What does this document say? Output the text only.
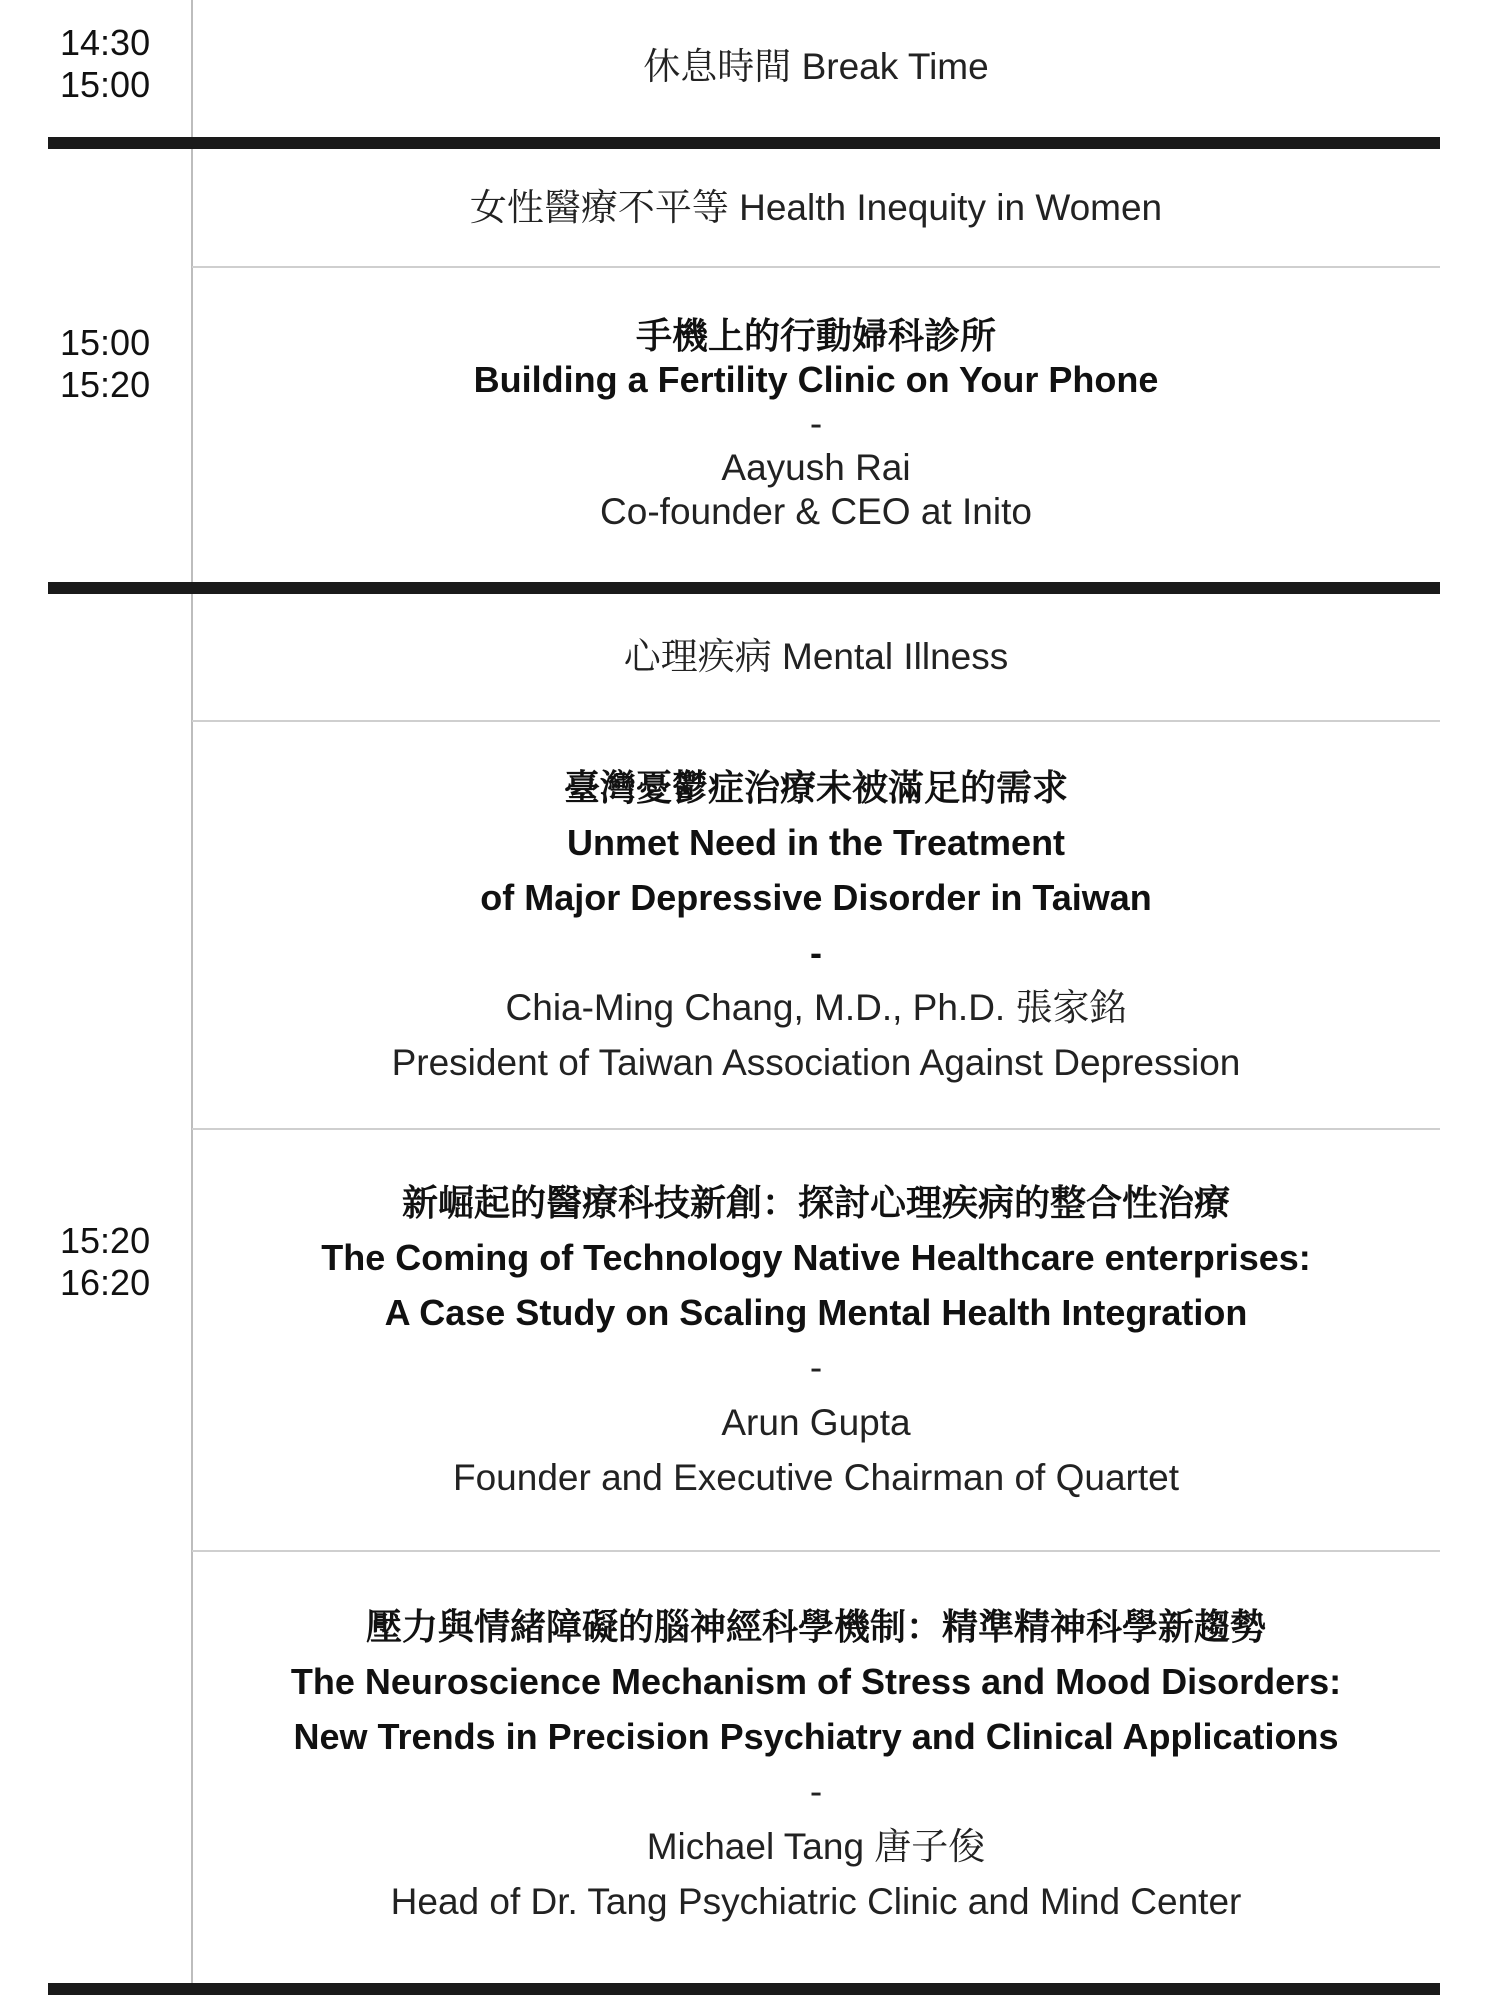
14:30
15:00	休息時間 Break Time
女性醫療不平等 Health Inequity in Women
15:00
15:20
手機上的行動婦科診所
Building a Fertility Clinic on Your Phone
-
Aayush Rai
Co-founder & CEO at Inito
心理疾病 Mental Illness
15:20
16:20
臺灣憂鬱症治療未被滿足的需求
Unmet Need in the Treatment
of Major Depressive Disorder in Taiwan
-
Chia-Ming Chang, M.D., Ph.D. 張家銘
President of Taiwan Association Against Depression
新崛起的醫療科技新創：探討心理疾病的整合性治療
The Coming of Technology Native Healthcare enterprises:
A Case Study on Scaling Mental Health Integration
-
Arun Gupta
Founder and Executive Chairman of Quartet
壓力與情緒障礙的腦神經科學機制：精準精神科學新趨勢
The Neuroscience Mechanism of Stress and Mood Disorders:
New Trends in Precision Psychiatry and Clinical Applications
-
Michael Tang 唐子俊
Head of Dr. Tang Psychiatric Clinic and Mind Center
